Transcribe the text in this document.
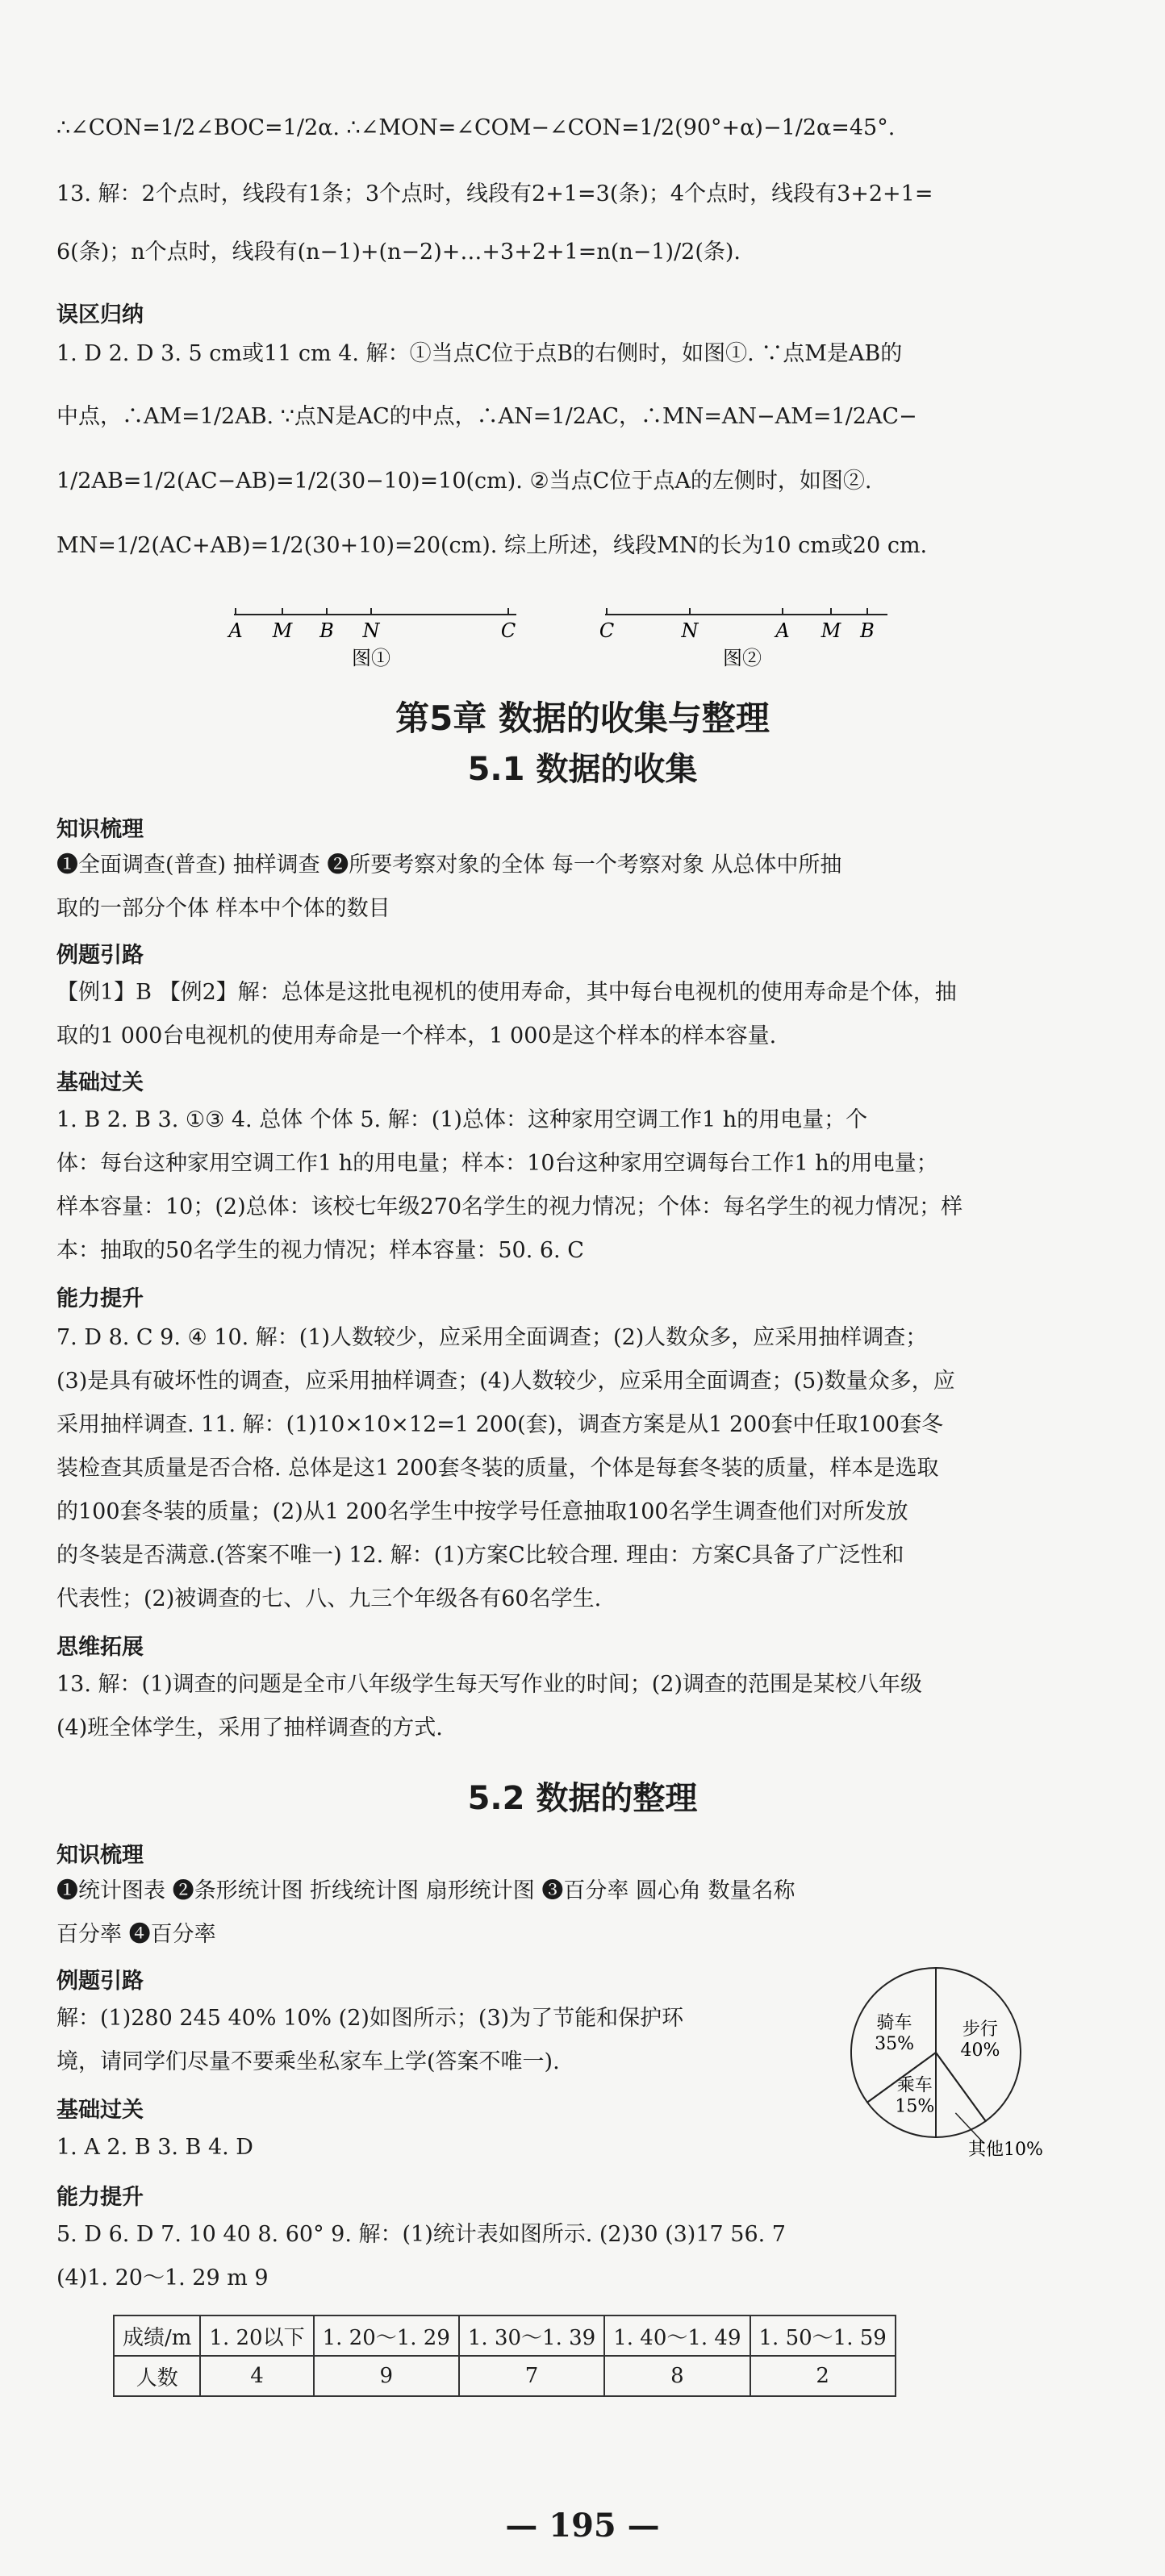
∴∠CON=1/2∠BOC=1/2α. ∴∠MON=∠COM−∠CON=1/2(90°+α)−1/2α=45°.
13. 解：2个点时，线段有1条；3个点时，线段有2+1=3(条)；4个点时，线段有3+2+1=
6(条)；n个点时，线段有(n−1)+(n−2)+…+3+2+1=n(n−1)/2(条).
误区归纳
1. D 2. D 3. 5 cm或11 cm 4. 解：①当点C位于点B的右侧时，如图①. ∵点M是AB的
中点，∴AM=1/2AB. ∵点N是AC的中点，∴AN=1/2AC，∴MN=AN−AM=1/2AC−
1/2AB=1/2(AC−AB)=1/2(30−10)=10(cm). ②当点C位于点A的左侧时，如图②.
MN=1/2(AC+AB)=1/2(30+10)=20(cm). 综上所述，线段MN的长为10 cm或20 cm.
A M B N	C
图①
C	N	A M B
图②
第5章 数据的收集与整理
5.1 数据的收集
知识梳理
❶全面调查(普查) 抽样调查 ❷所要考察对象的全体 每一个考察对象 从总体中所抽
取的一部分个体 样本中个体的数目
例题引路
【例1】B 【例2】解：总体是这批电视机的使用寿命，其中每台电视机的使用寿命是个体，抽
取的1 000台电视机的使用寿命是一个样本，1 000是这个样本的样本容量.
基础过关
1. B 2. B 3. ①③ 4. 总体 个体 5. 解：(1)总体：这种家用空调工作1 h的用电量；个
体：每台这种家用空调工作1 h的用电量；样本：10台这种家用空调每台工作1 h的用电量；
样本容量：10；(2)总体：该校七年级270名学生的视力情况；个体：每名学生的视力情况；样
本：抽取的50名学生的视力情况；样本容量：50. 6. C
能力提升
7. D 8. C 9. ④ 10. 解：(1)人数较少，应采用全面调查；(2)人数众多，应采用抽样调查；
(3)是具有破坏性的调查，应采用抽样调查；(4)人数较少，应采用全面调查；(5)数量众多，应
采用抽样调查. 11. 解：(1)10×10×12=1 200(套)，调查方案是从1 200套中任取100套冬
装检查其质量是否合格. 总体是这1 200套冬装的质量，个体是每套冬装的质量，样本是选取
的100套冬装的质量；(2)从1 200名学生中按学号任意抽取100名学生调查他们对所发放
的冬装是否满意.(答案不唯一) 12. 解：(1)方案C比较合理. 理由：方案C具备了广泛性和
代表性；(2)被调查的七、八、九三个年级各有60名学生.
思维拓展
13. 解：(1)调查的问题是全市八年级学生每天写作业的时间；(2)调查的范围是某校八年级
(4)班全体学生，采用了抽样调查的方式.
5.2 数据的整理
知识梳理
❶统计图表 ❷条形统计图 折线统计图 扇形统计图 ❸百分率 圆心角 数量名称
百分率 ❹百分率
例题引路
解：(1)280 245 40% 10% (2)如图所示；(3)为了节能和保护环
境，请同学们尽量不要乘坐私家车上学(答案不唯一).
基础过关
1. A 2. B 3. B 4. D
能力提升
5. D 6. D 7. 10 40 8. 60° 9. 解：(1)统计表如图所示. (2)30 (3)17 56. 7
(4)1. 20～1. 29 m 9
步行
40%
其他10%
乘车
15%
骑车
35%
成绩/m	1. 20以下	1. 20～1. 29	1. 30～1. 39	1. 40～1. 49	1. 50～1. 59
人数	4	9	7	8	2
— 195 —
